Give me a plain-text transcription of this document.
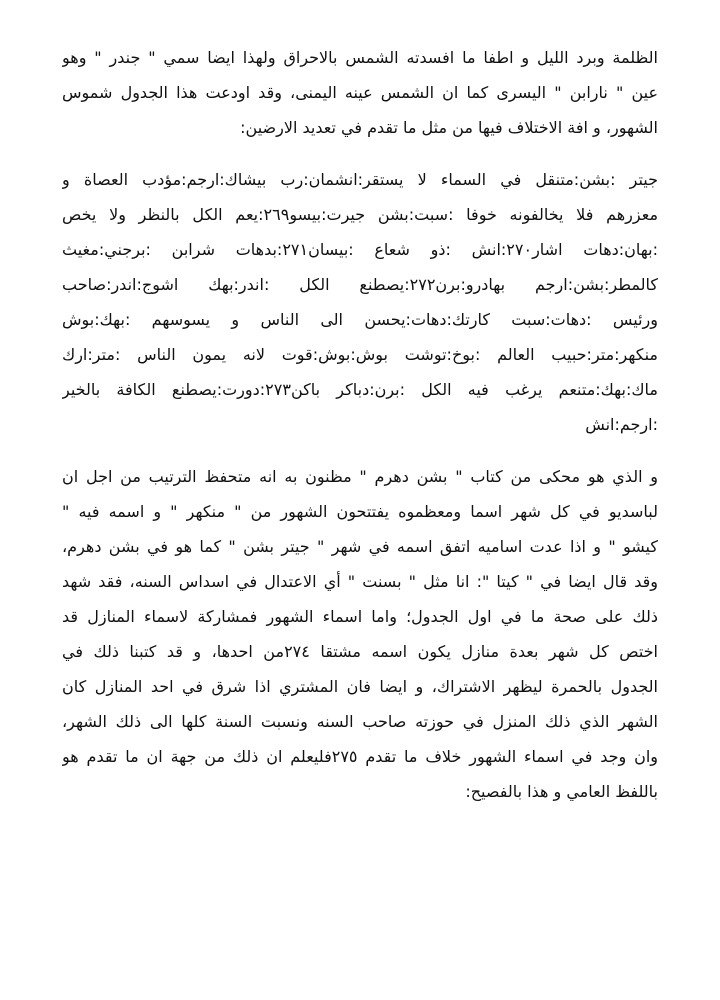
الظلمة وبرد الليل و اطفا ما افسدته الشمس بالاحراق ولهذا ايضا سمي " جندر " وهو
عين " نارابن " اليسرى كما ان الشمس عينه اليمنى، وقد اودعت هذا الجدول شموس
الشهور، و افة الاختلاف فيها من مثل ما تقدم في تعديد الارضين:
جيتر :بشن:متنقل في السماء لا يستقر:انشمان:رب بيشاك:ارجم:مؤدب العصاة و
معزرهم فلا يخالفونه خوفا :سبت:بشن جيرت:بيسو٢٦٩:يعم الكل بالنظر ولا يخص
:بهان:دهات اشار٢٧٠:انش :ذو شعاع :بيسان٢٧١:بدهات شرابن :برجني:مغيث
كالمطر:بشن:ارجم بهادرو:برن٢٧٢:يصطنع الكل :اندر:بهك اشوج:اندر:صاحب
ورئيس :دهات:سبت كارتك:دهات:يحسن الى الناس و يسوسهم :بهك:بوش
منكهر:متر:حبيب العالم :بوخ:توشت بوش:بوش:قوت لانه يمون الناس :متر:ارك
ماك:بهك:متنعم يرغب فيه الكل :برن:دباكر باكن٢٧٣:دورت:يصطنع الكافة بالخير
:ارجم:انش
و الذي هو محكى من كتاب " بشن دهرم " مظنون به انه متحفظ الترتيب من اجل ان
لباسديو في كل شهر اسما ومعظموه يفتتحون الشهور من " منكهر " و اسمه فيه "
كيشو " و اذا عدت اساميه اتفق اسمه في شهر " جيتر بشن " كما هو في بشن دهرم،
وقد قال ايضا في " كيتا ": انا مثل " بسنت " أي الاعتدال في اسداس السنه، فقد شهد
ذلك على صحة ما في اول الجدول؛ واما اسماء الشهور فمشاركة لاسماء المنازل قد
اختص كل شهر بعدة منازل يكون اسمه مشتقا ٢٧٤من احدها، و قد كتبنا ذلك في
الجدول بالحمرة ليظهر الاشتراك، و ايضا فان المشتري اذا شرق في احد المنازل كان
الشهر الذي ذلك المنزل في حوزته صاحب السنه ونسبت السنة كلها الى ذلك الشهر،
وان وجد في اسماء الشهور خلاف ما تقدم ٢٧٥فليعلم ان ذلك من جهة ان ما تقدم هو
باللفظ العامي و هذا بالفصيح:
